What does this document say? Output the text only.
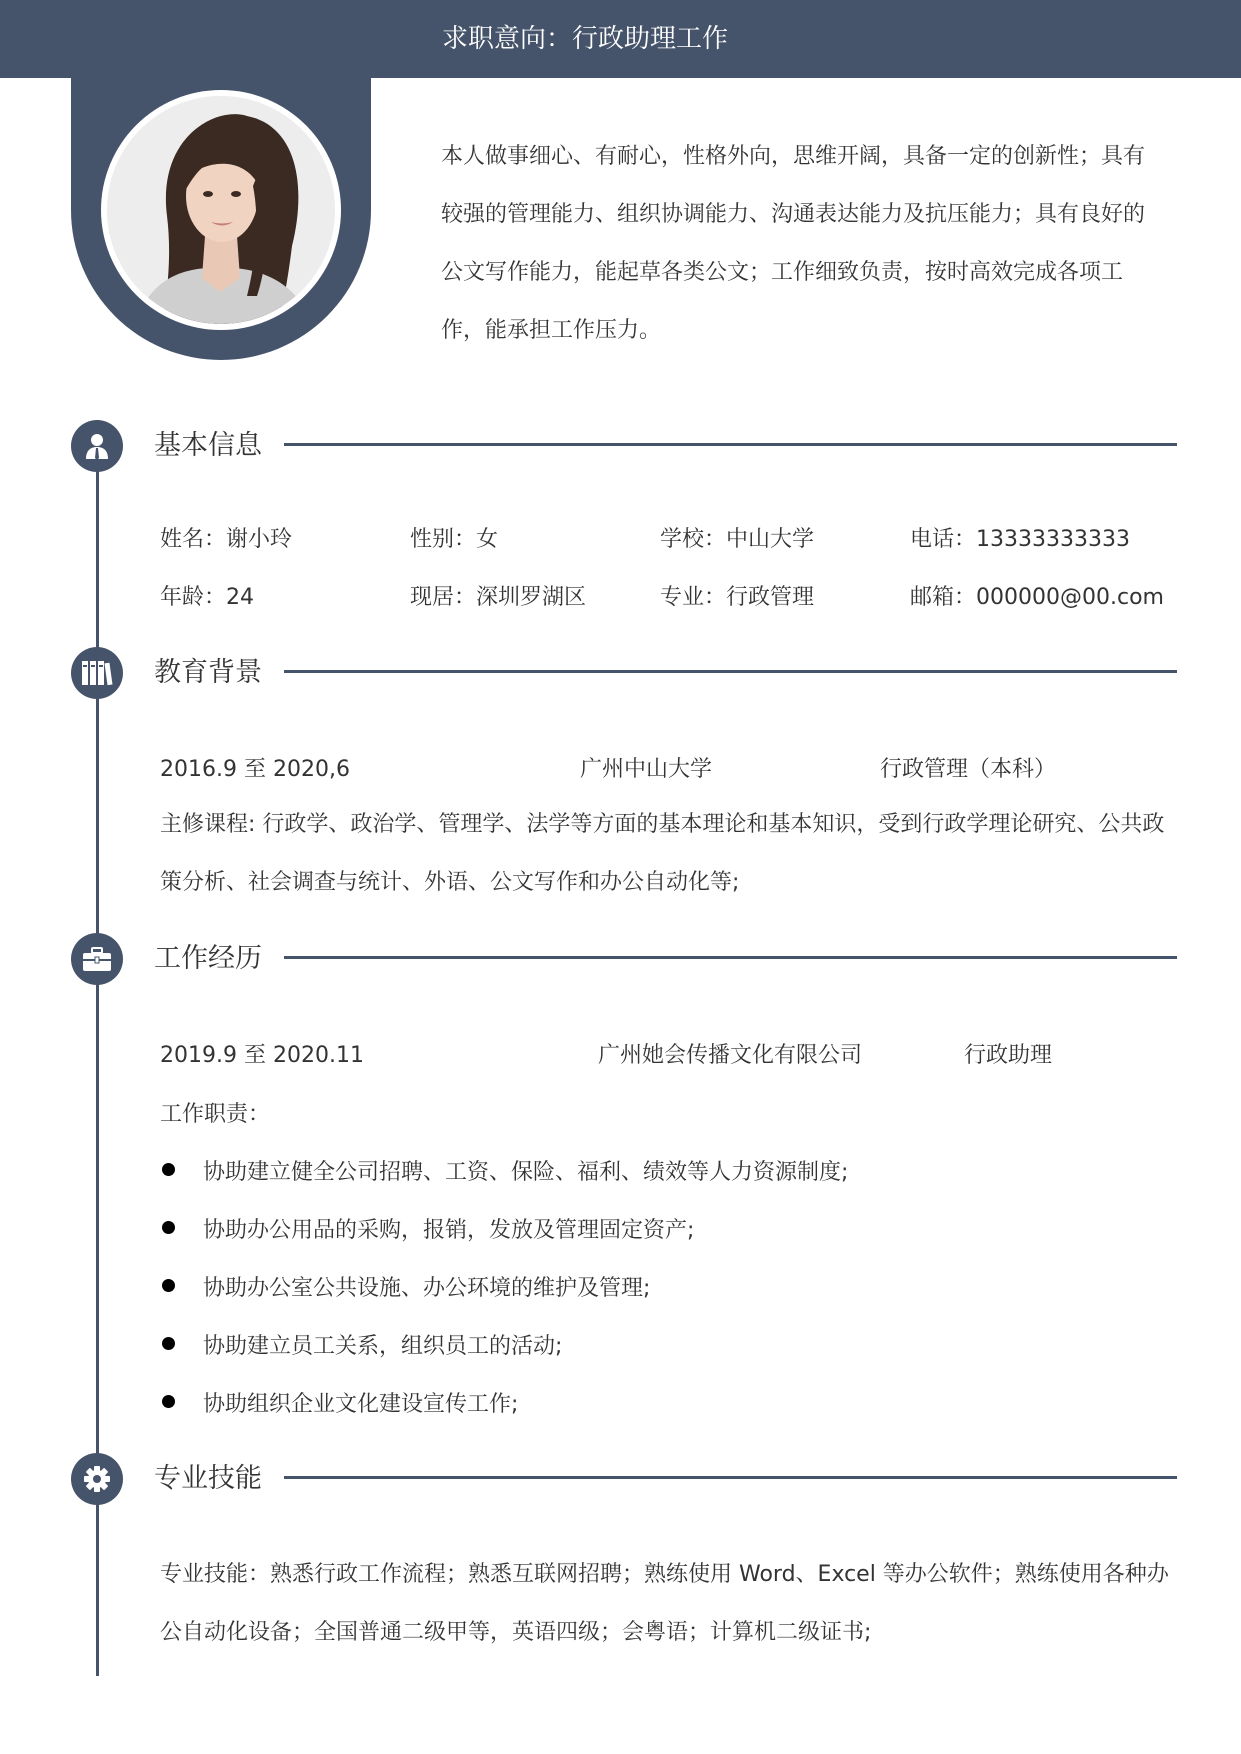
求职意向：行政助理工作
本人做事细心、有耐心，性格外向，思维开阔，具备一定的创新性；具有较强的管理能力、组织协调能力、沟通表达能力及抗压能力；具有良好的公文写作能力，能起草各类公文；工作细致负责，按时高效完成各项工作，能承担工作压力。
基本信息
姓名：谢小玲	性别：女	学校：中山大学	电话：13333333333
年龄：24	现居：深圳罗湖区	专业：行政管理	邮箱：000000@00.com
教育背景
2016.9 至 2020,6	广州中山大学	行政管理（本科）
主修课程: 行政学、政治学、管理学、法学等方面的基本理论和基本知识，受到行政学理论研究、公共政策分析、社会调查与统计、外语、公文写作和办公自动化等;
工作经历
2019.9 至 2020.11	广州她会传播文化有限公司	行政助理
工作职责：
协助建立健全公司招聘、工资、保险、福利、绩效等人力资源制度;
协助办公用品的采购，报销，发放及管理固定资产;
协助办公室公共设施、办公环境的维护及管理;
协助建立员工关系，组织员工的活动;
协助组织企业文化建设宣传工作;
专业技能
专业技能：熟悉行政工作流程；熟悉互联网招聘；熟练使用 Word、Excel 等办公软件；熟练使用各种办公自动化设备；全国普通二级甲等，英语四级；会粤语；计算机二级证书;
